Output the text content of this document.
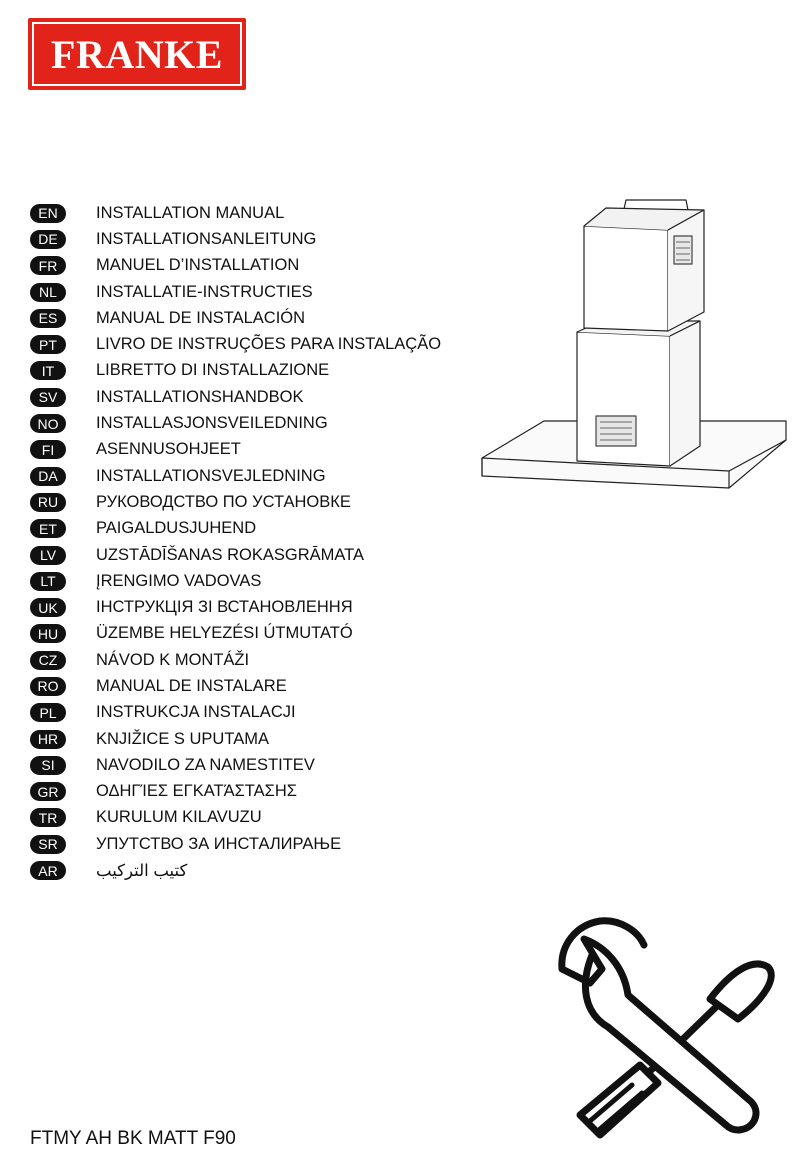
FRANKE
EN	INSTALLATION MANUAL
DE	INSTALLATIONSANLEITUNG
FR	MANUEL D’INSTALLATION
NL	INSTALLATIE-INSTRUCTIES
ES	MANUAL DE INSTALACIÓN
PT	LIVRO DE INSTRUÇÕES PARA INSTALAÇÃO
IT	LIBRETTO DI INSTALLAZIONE
SV	INSTALLATIONSHANDBOK
NO	INSTALLASJONSVEILEDNING
FI	ASENNUSOHJEET
DA	INSTALLATIONSVEJLEDNING
RU	РУКОВОДСТВО ПО УСТАНОВКЕ
ET	PAIGALDUSJUHEND
LV	UZSTĀDĪŠANAS ROKASGRĀMATA
LT	ĮRENGIMO VADOVAS
UK	ІНСТРУКЦІЯ ЗІ ВСТАНОВЛЕННЯ
HU	ÜZEMBE HELYEZÉSI ÚTMUTATÓ
CZ	NÁVOD K MONTÁŽI
RO	MANUAL DE INSTALARE
PL	INSTRUKCJA INSTALACJI
HR	KNJIŽICE S UPUTAMA
SI	NAVODILO ZA NAMESTITEV
GR	ΟΔΗΓΊΕΣ ΕΓΚΑΤΆΣΤΑΣΗΣ
TR	KURULUM KILAVUZU
SR	УПУТСТВО ЗА ИНСТАЛИРАЊЕ
AR	كتيب التركيب
FTMY AH BK MATT F90
